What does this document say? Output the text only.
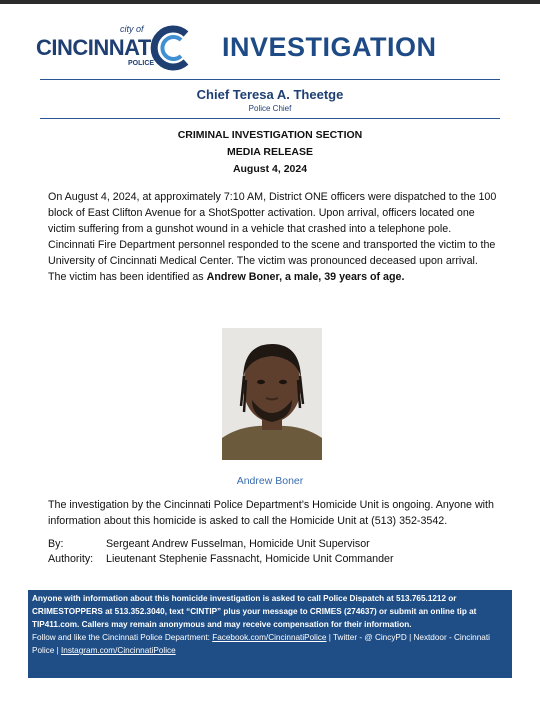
city of
CINCINNATI
POLICE
INVESTIGATION
Chief Teresa A. Theetge
Police Chief
CRIMINAL INVESTIGATION SECTION
MEDIA RELEASE
August 4, 2024
On August 4, 2024, at approximately 7:10 AM, District ONE officers were dispatched to the 100 block of East Clifton Avenue for a ShotSpotter activation. Upon arrival, officers located one victim suffering from a gunshot wound in a vehicle that crashed into a telephone pole. Cincinnati Fire Department personnel responded to the scene and transported the victim to the University of Cincinnati Medical Center. The victim was pronounced deceased upon arrival. The victim has been identified as Andrew Boner, a male, 39 years of age.
Andrew Boner
The investigation by the Cincinnati Police Department’s Homicide Unit is ongoing. Anyone with information about this homicide is asked to call the Homicide Unit at (513) 352-3542.
By:	Sergeant Andrew Fusselman, Homicide Unit Supervisor
Authority: Lieutenant Stephenie Fassnacht, Homicide Unit Commander
Anyone with information about this homicide investigation is asked to call Police Dispatch at 513.765.1212 or CRIMESTOPPERS at 513.352.3040, text “CINTIP” plus your message to CRIMES (274637) or submit an online tip at TIP411.com. Callers may remain anonymous and may receive compensation for their information.
Follow and like the Cincinnati Police Department: Facebook.com/CincinnatiPolice | Twitter - @ CincyPD | Nextdoor - Cincinnati Police | Instagram.com/CincinnatiPolice
